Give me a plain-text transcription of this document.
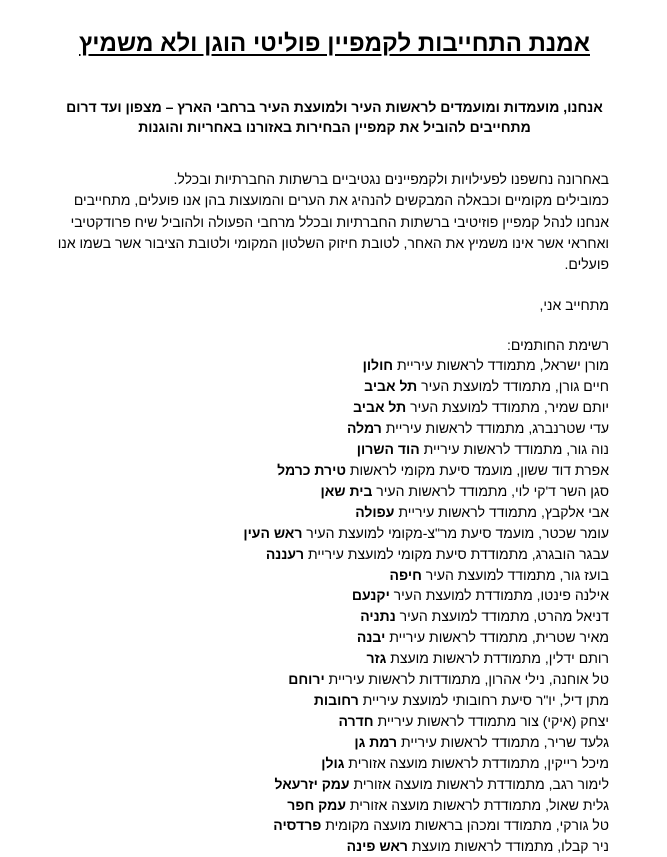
אמנת התחייבות לקמפיין פוליטי הוגן ולא משמיץ
אנחנו, מועמדות ומועמדים לראשות העיר ולמועצת העיר ברחבי הארץ – מצפון ועד דרום
מתחייבים להוביל את קמפיין הבחירות באזורנו באחריות והוגנות
באחרונה נחשפנו לפעילויות ולקמפיינים נגטיביים ברשתות החברתיות ובכלל.
כמובילים מקומיים וכבאלה המבקשים להנהיג את הערים והמועצות בהן אנו פועלים, מתחייבים
אנחנו לנהל קמפיין פוזיטיבי ברשתות החברתיות ובכלל מרחבי הפעולה ולהוביל שיח פרודקטיבי
ואחראי אשר אינו משמיץ את האחר, לטובת חיזוק השלטון המקומי ולטובת הציבור אשר בשמו אנו
פועלים.
מתחייב אני,
רשימת החותמים:
מורן ישראל, מתמודד לראשות עיריית חולון
חיים גורן, מתמודד למועצת העיר תל אביב
יותם שמיר, מתמודד למועצת העיר תל אביב
עדי שטרנברג, מתמודד לראשות עיריית רמלה
נוה גור, מתמודד לראשות עיריית הוד השרון
אפרת דוד ששון, מועמד סיעת מקומי לראשות טירת כרמל
סגן השר ד'קי לוי, מתמודד לראשות העיר בית שאן
אבי אלקבץ, מתמודד לראשות עיריית עפולה
עומר שכטר, מועמד סיעת מר"צ-מקומי למועצת העיר ראש העין
עבגר הובגרג, מתמודדת סיעת מקומי למועצת עיריית רעננה
בועז גור, מתמודד למועצת העיר חיפה
אילנה פינטו, מתמודדת למועצת העיר יקנעם
דניאל מהרט, מתמודד למועצת העיר נתניה
מאיר שטרית, מתמודד לראשות עיריית יבנה
רותם ידלין, מתמודדת לראשות מועצת גזר
טל אוחנה, נילי אהרון, מתמודדות לראשות עיריית ירוחם
מתן דיל, יו"ר סיעת רחובותי למועצת עיריית רחובות
יצחק (איקי) צור מתמודד לראשות עיריית חדרה
גלעד שריר, מתמודד לראשות עיריית רמת גן
מיכל רייקין, מתמודדת לראשות מועצה אזורית גולן
לימור רגב, מתמודדת לראשות מועצה אזורית עמק יזרעאל
גלית שאול, מתמודדת לראשות מועצה אזורית עמק חפר
טל גורקי, מתמודד ומכהן בראשות מועצה מקומית פרדסיה
ניר קבלו, מתמודד לראשות מועצת ראש פינה
